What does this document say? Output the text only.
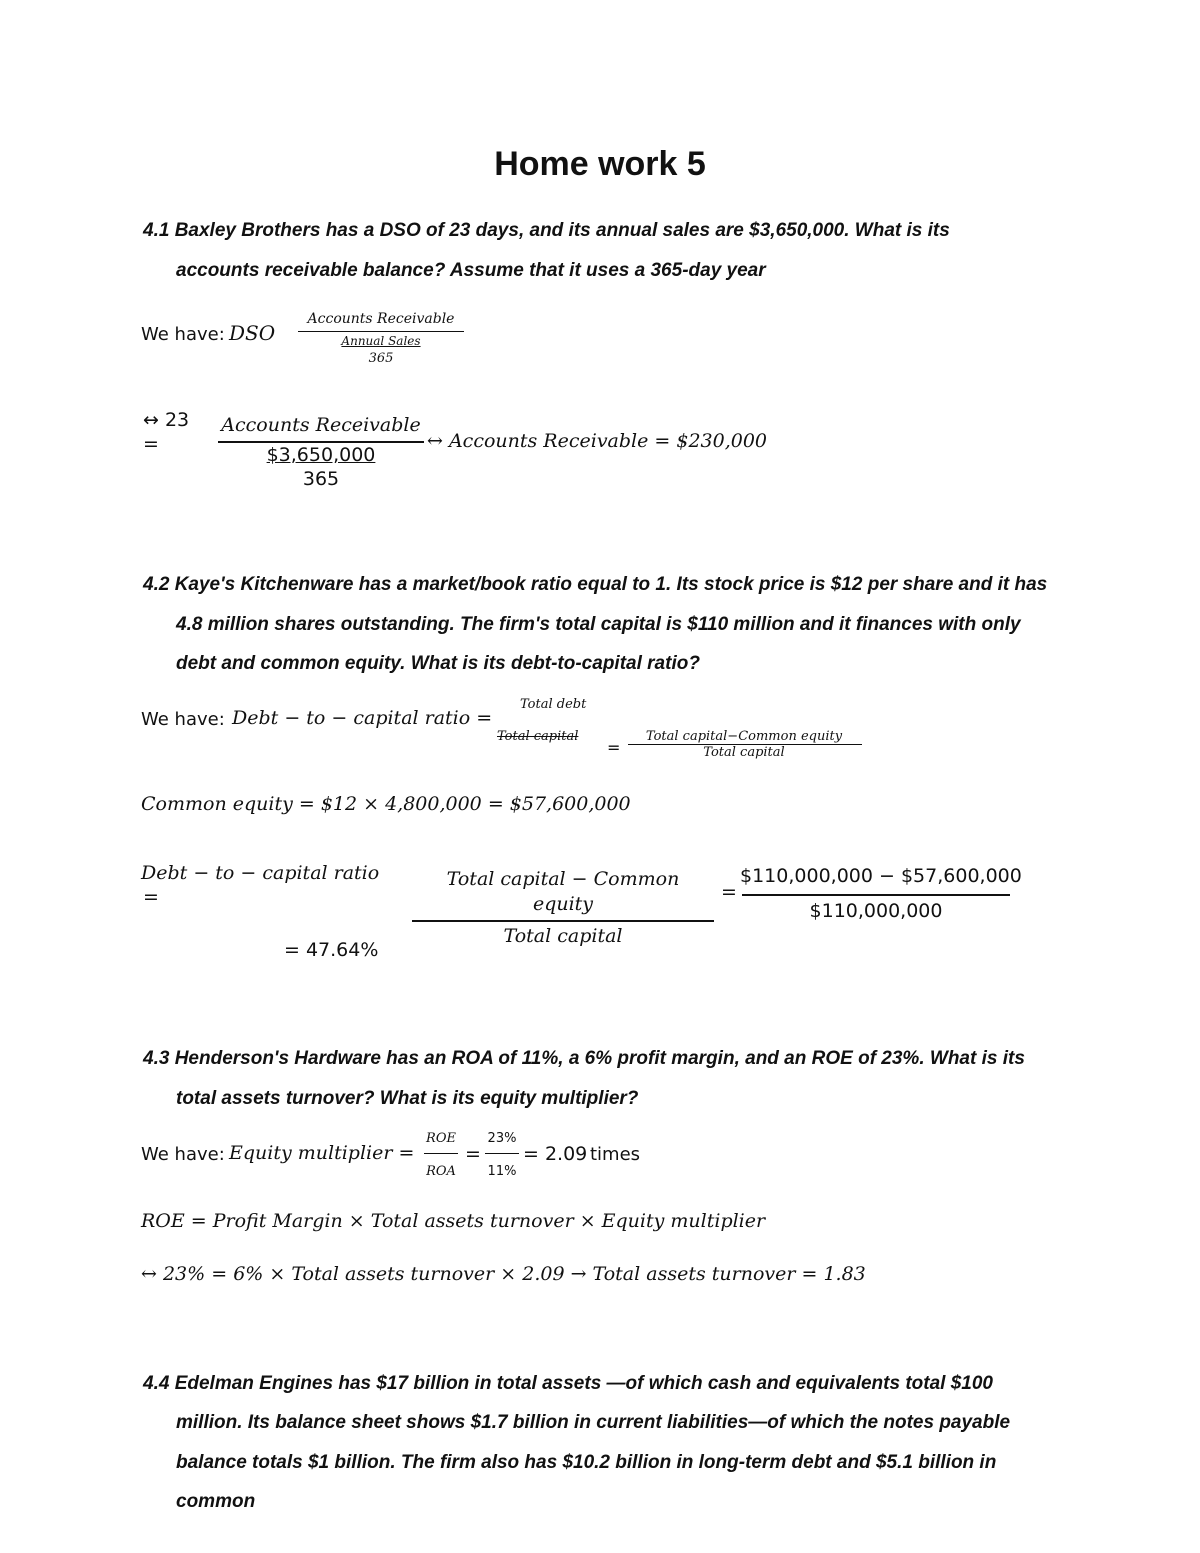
Home work 5
4.1 Baxley Brothers has a DSO of 23 days, and its annual sales are $3,650,000. What is its
accounts receivable balance? Assume that it uses a 365-day year
We have: DSO
Accounts Receivable
Annual Sales
365
↔ 23
=
Accounts Receivable
$3,650,000
365
↔ Accounts Receivable = $230,000
4.2 Kaye's Kitchenware has a market/book ratio equal to 1. Its stock price is $12 per share and it has
4.8 million shares outstanding. The firm's total capital is $110 million and it finances with only
debt and common equity. What is its debt-to-capital ratio?
We have: Debt − to − capital ratio =
Total debt
Total capital
=
Total capital−Common equity
Total capital
Common equity = $12 × 4,800,000 = $57,600,000
Debt − to − capital ratio
=
Total capital − Common
equity
Total capital
=
$110,000,000 − $57,600,000
$110,000,000
= 47.64%
4.3 Henderson's Hardware has an ROA of 11%, a 6% profit margin, and an ROE of 23%. What is its
total assets turnover? What is its equity multiplier?
We have: Equity multiplier =
ROE
ROA
=
23%
11%
= 2.09 times
ROE = Profit Margin × Total assets turnover × Equity multiplier
↔ 23% = 6% × Total assets turnover × 2.09 → Total assets turnover = 1.83
4.4 Edelman Engines has $17 billion in total assets —of which cash and equivalents total $100
million. Its balance sheet shows $1.7 billion in current liabilities—of which the notes payable
balance totals $1 billion. The firm also has $10.2 billion in long-term debt and $5.1 billion in
common
